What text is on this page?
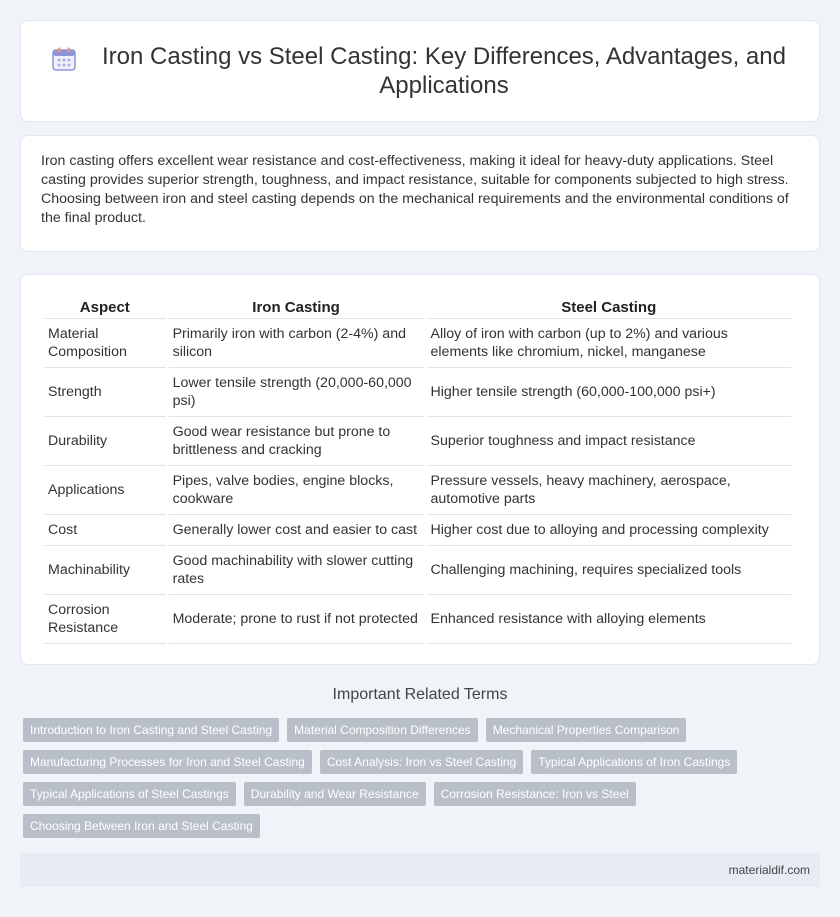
Iron Casting vs Steel Casting: Key Differences, Advantages, and Applications

Iron casting offers excellent wear resistance and cost-effectiveness, making it ideal for heavy-duty applications. Steel casting provides superior strength, toughness, and impact resistance, suitable for components subjected to high stress. Choosing between iron and steel casting depends on the mechanical requirements and the environmental conditions of the final product.

Aspect	Iron Casting	Steel Casting
Material Composition	Primarily iron with carbon (2-4%) and silicon	Alloy of iron with carbon (up to 2%) and various elements like chromium, nickel, manganese
Strength	Lower tensile strength (20,000-60,000 psi)	Higher tensile strength (60,000-100,000 psi+)
Durability	Good wear resistance but prone to brittleness and cracking	Superior toughness and impact resistance
Applications	Pipes, valve bodies, engine blocks, cookware	Pressure vessels, heavy machinery, aerospace, automotive parts
Cost	Generally lower cost and easier to cast	Higher cost due to alloying and processing complexity
Machinability	Good machinability with slower cutting rates	Challenging machining, requires specialized tools
Corrosion Resistance	Moderate; prone to rust if not protected	Enhanced resistance with alloying elements
Important Related Terms
Introduction to Iron Casting and Steel Casting	Material Composition Differences	Mechanical Properties Comparison
Manufacturing Processes for Iron and Steel Casting	Cost Analysis: Iron vs Steel Casting	Typical Applications of Iron Castings
Typical Applications of Steel Castings	Durability and Wear Resistance	Corrosion Resistance: Iron vs Steel
Choosing Between Iron and Steel Casting
materialdif.com
